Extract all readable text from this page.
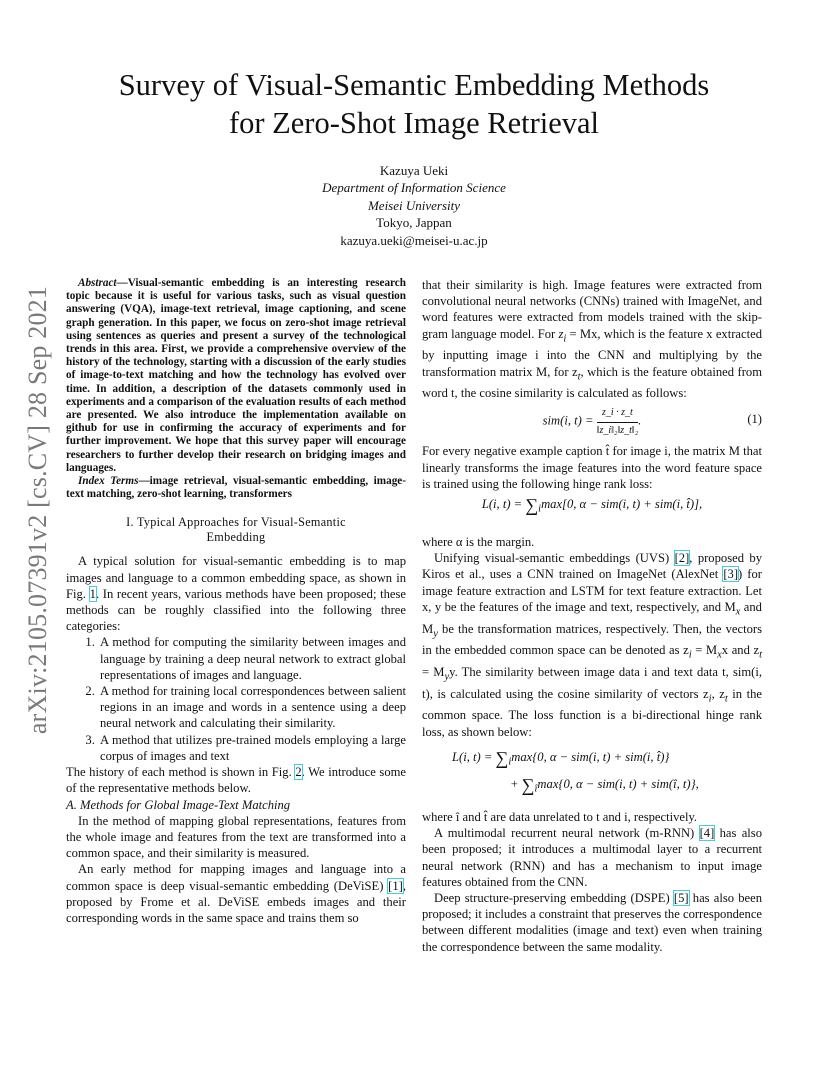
arXiv:2105.07391v2 [cs.CV] 28 Sep 2021
Survey of Visual-Semantic Embedding Methods
for Zero-Shot Image Retrieval
Kazuya Ueki
Department of Information Science
Meisei University
Tokyo, Jappan
kazuya.ueki@meisei-u.ac.jp

Abstract—Visual-semantic embedding is an interesting research topic because it is useful for various tasks, such as visual question answering (VQA), image-text retrieval, image captioning, and scene graph generation. In this paper, we focus on zero-shot image retrieval using sentences as queries and present a survey of the technological trends in this area. First, we provide a comprehensive overview of the history of the technology, starting with a discussion of the early studies of image-to-text matching and how the technology has evolved over time. In addition, a description of the datasets commonly used in experiments and a comparison of the evaluation results of each method are presented. We also introduce the implementation available on github for use in confirming the accuracy of experiments and for further improvement. We hope that this survey paper will encourage researchers to further develop their research on bridging images and languages.

Index Terms—image retrieval, visual-semantic embedding, image-text matching, zero-shot learning, transformers

I. Typical Approaches for Visual-Semantic
Embedding

A typical solution for visual-semantic embedding is to map images and language to a common embedding space, as shown in Fig. 1. In recent years, various methods have been proposed; these methods can be roughly classified into the following three categories:

1. A method for computing the similarity between images and language by training a deep neural network to extract global representations of images and language.
2. A method for training local correspondences between salient regions in an image and words in a sentence using a deep neural network and calculating their similarity.
3. A method that utilizes pre-trained models employing a large corpus of images and text

The history of each method is shown in Fig. 2. We introduce some of the representative methods below.

A. Methods for Global Image-Text Matching

In the method of mapping global representations, features from the whole image and features from the text are transformed into a common space, and their similarity is measured.

An early method for mapping images and language into a common space is deep visual-semantic embedding (DeViSE) [1], proposed by Frome et al. DeViSE embeds images and their corresponding words in the same space and trains them so

that their similarity is high. Image features were extracted from convolutional neural networks (CNNs) trained with ImageNet, and word features were extracted from models trained with the skip-gram language model. For $z_i = Mx$, which is the feature x extracted by inputting image i into the CNN and multiplying by the transformation matrix M, for $z_t$, which is the feature obtained from word t, the cosine similarity is calculated as follows:

sim(i, $t) = \frac{z\_i \cdot z\_t}{\text{‖z\_i‖₂‖z\_t‖₂}}$ .	(1)

For every negative example caption t̂ for image i, the matrix M that linearly transforms the image features into the word feature space is trained using the following hinge rank loss:

L(i, $t) = \sum_i\max[0$, α − sim(i, t) + sim(i, t̂)],

where α is the margin.

Unifying visual-semantic embeddings (UVS) [2], proposed by Kiros et al., uses a CNN trained on ImageNet (AlexNet [3]) for image feature extraction and LSTM for text feature extraction. Let x, y be the features of the image and text, respectively, and $M_x$ and $M_y$ be the transformation matrices, respectively. Then, the vectors in the embedded common space can be denoted as $z_i = M_xx$ and $z_t = M_yy$. The similarity between image data i and text data t, sim(i, t), is calculated using the cosine similarity of vectors $z_i$, $z_t$ in the common space. The loss function is a bi-directional hinge rank loss, as shown below:

L(i, $t) = \sum_i\max\{0$, α − sim(i, t) + sim(i, t̂)}
+ $\sum_î\max\{0$, α − sim(i, t) + sim(î, t)},

where î and t̂ are data unrelated to t and i, respectively.

A multimodal recurrent neural network (m-RNN) [4] has also been proposed; it introduces a multimodal layer to a recurrent neural network (RNN) and has a mechanism to input image features obtained from the CNN.

Deep structure-preserving embedding (DSPE) [5] has also been proposed; it includes a constraint that preserves the correspondence between different modalities (image and text) even when training the correspondence between the same modality.
